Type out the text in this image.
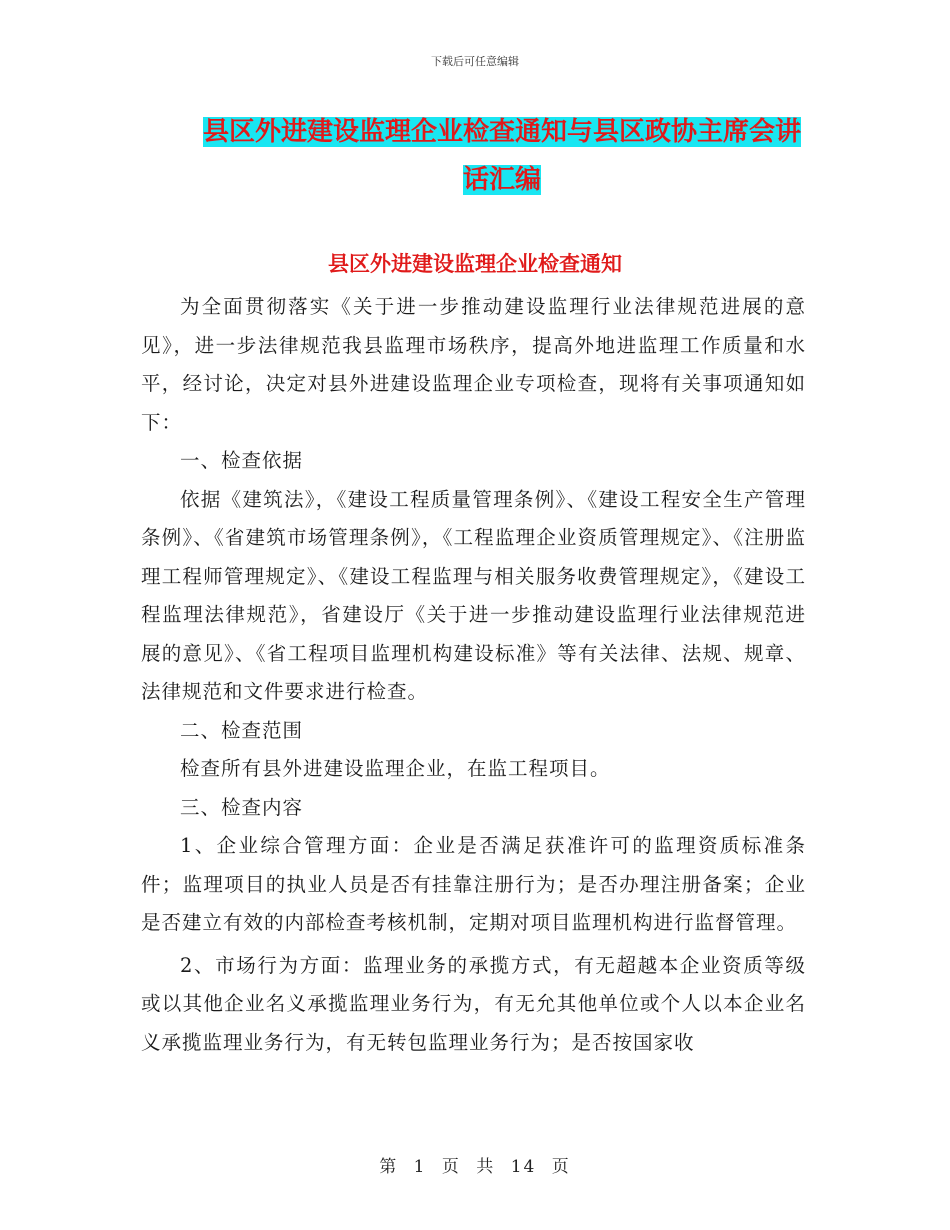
下载后可任意编辑
县区外进建设监理企业检查通知与县区政协主席会讲话汇编
县区外进建设监理企业检查通知

为全面贯彻落实《关于进一步推动建设监理行业法律规范进展的意见》，进一步法律规范我县监理市场秩序，提高外地进监理工作质量和水平，经讨论，决定对县外进建设监理企业专项检查，现将有关事项通知如下：

一、检查依据

依据《建筑法》，《建设工程质量管理条例》、《建设工程安全生产管理条例》、《省建筑市场管理条例》，《工程监理企业资质管理规定》、《注册监理工程师管理规定》、《建设工程监理与相关服务收费管理规定》，《建设工程监理法律规范》，省建设厅《关于进一步推动建设监理行业法律规范进展的意见》、《省工程项目监理机构建设标准》等有关法律、法规、规章、法律规范和文件要求进行检查。

二、检查范围

检查所有县外进建设监理企业，在监工程项目。

三、检查内容

1、企业综合管理方面：企业是否满足获准许可的监理资质标准条件；监理项目的执业人员是否有挂靠注册行为；是否办理注册备案；企业是否建立有效的内部检查考核机制，定期对项目监理机构进行监督管理。

2、市场行为方面：监理业务的承揽方式，有无超越本企业资质等级或以其他企业名义承揽监理业务行为，有无允其他单位或个人以本企业名义承揽监理业务行为，有无转包监理业务行为；是否按国家收

第 1 页 共 14 页
